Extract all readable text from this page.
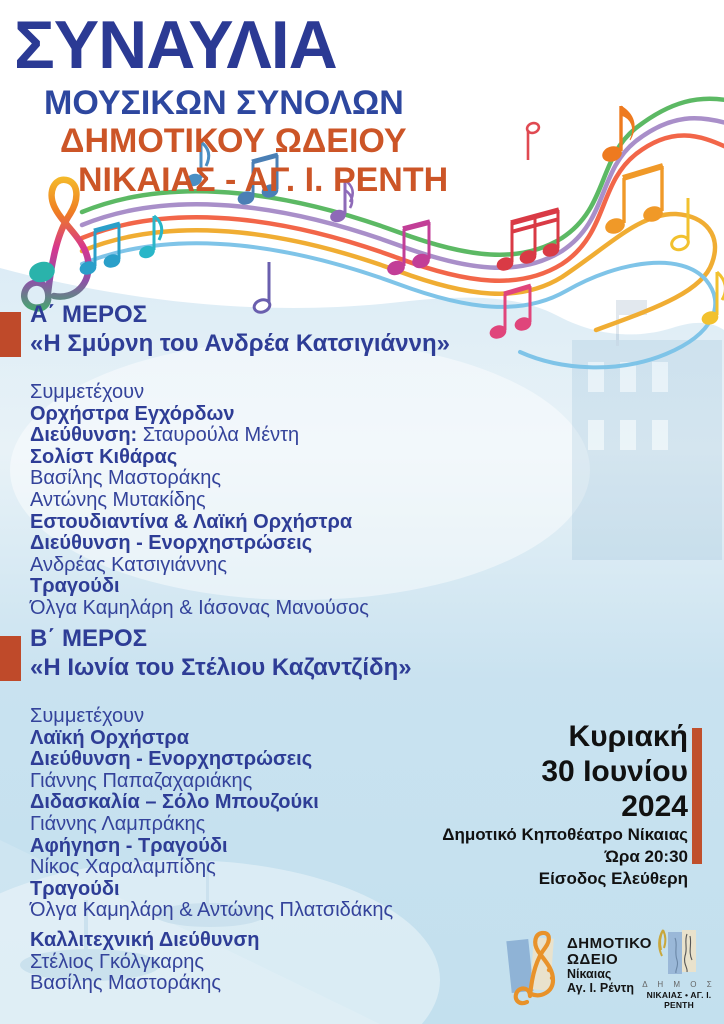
ΣΥΝΑΥΛΙΑ
ΜΟΥΣΙΚΩΝ ΣΥΝΟΛΩΝ
ΔΗΜΟΤΙΚΟΥ ΩΔΕΙΟΥ
ΝΙΚΑΙΑΣ - ΑΓ. Ι. ΡΕΝΤΗ
Α΄ ΜΕΡΟΣ
«Η Σμύρνη του Ανδρέα Κατσιγιάννη»
Συμμετέχουν
Ορχήστρα Εγχόρδων
Διεύθυνση: Σταυρούλα Μέντη
Σολίστ Κιθάρας
Βασίλης Μαστοράκης
Αντώνης Μυτακίδης
Εστουδιαντίνα & Λαϊκή Ορχήστρα
Διεύθυνση - Ενορχηστρώσεις
Ανδρέας Κατσιγιάννης
Τραγούδι
Όλγα Καμηλάρη & Ιάσονας Μανούσος
Β΄ ΜΕΡΟΣ
«Η Ιωνία του Στέλιου Καζαντζίδη»
Συμμετέχουν
Λαϊκή Ορχήστρα
Διεύθυνση - Ενορχηστρώσεις
Γιάννης Παπαζαχαριάκης
Διδασκαλία – Σόλο Μπουζούκι
Γιάννης Λαμπράκης
Αφήγηση - Τραγούδι
Νίκος Χαραλαμπίδης
Τραγούδι
Όλγα Καμηλάρη & Αντώνης Πλατσιδάκης
Καλλιτεχνική Διεύθυνση
Στέλιος Γκόλγκαρης
Βασίλης Μαστοράκης
Κυριακή
30 Ιουνίου
2024
Δημοτικό Κηποθέατρο Νίκαιας
Ώρα 20:30
Είσοδος Ελεύθερη
ΔΗΜΟΤΙΚΟ
ΩΔΕΙΟ
Νίκαιας
Αγ. Ι. Ρέντη	Δ Η Μ Ο Σ
ΝΙΚΑΙΑΣ • ΑΓ. Ι. ΡΕΝΤΗ
